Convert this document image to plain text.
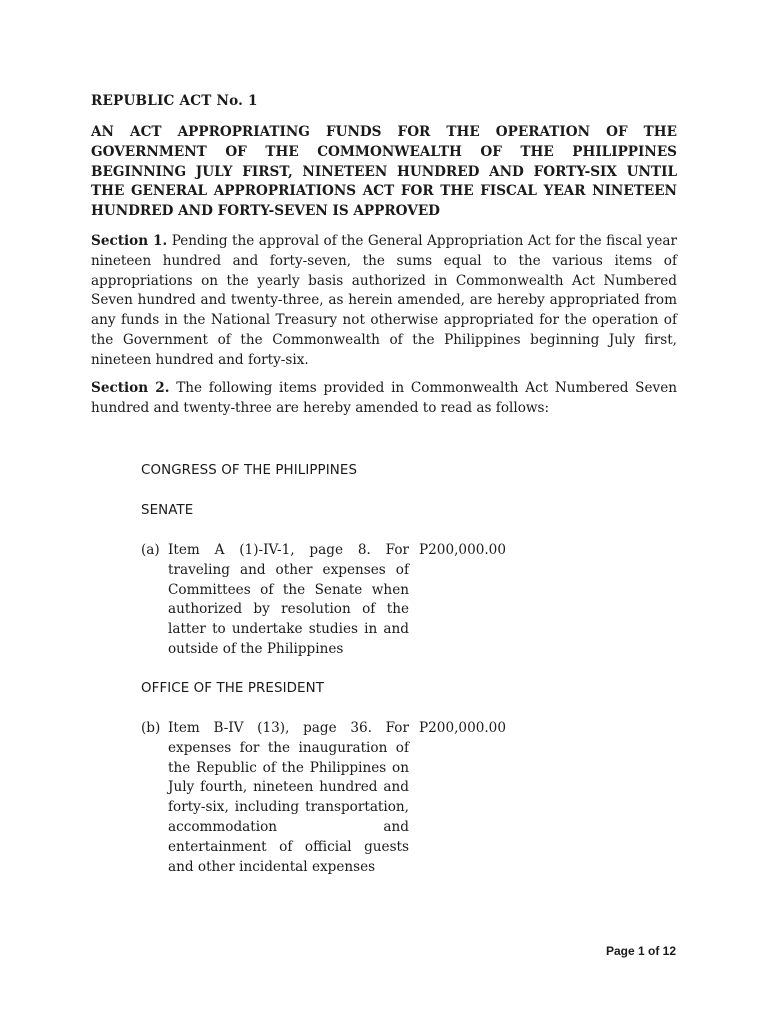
REPUBLIC ACT No. 1
AN ACT APPROPRIATING FUNDS FOR THE OPERATION OF THE GOVERNMENT OF THE COMMONWEALTH OF THE PHILIPPINES BEGINNING JULY FIRST, NINETEEN HUNDRED AND FORTY-SIX UNTIL THE GENERAL APPROPRIATIONS ACT FOR THE FISCAL YEAR NINETEEN HUNDRED AND FORTY-SEVEN IS APPROVED
Section 1. Pending the approval of the General Appropriation Act for the fiscal year nineteen hundred and forty-seven, the sums equal to the various items of appropriations on the yearly basis authorized in Commonwealth Act Numbered Seven hundred and twenty-three, as herein amended, are hereby appropriated from any funds in the National Treasury not otherwise appropriated for the operation of the Government of the Commonwealth of the Philippines beginning July first, nineteen hundred and forty-six.
Section 2. The following items provided in Commonwealth Act Numbered Seven hundred and twenty-three are hereby amended to read as follows:
CONGRESS OF THE PHILIPPINES
SENATE
(a) Item A (1)-IV-1, page 8. For traveling and other expenses of Committees of the Senate when authorized by resolution of the latter to undertake studies in and outside of the Philippines
P200,000.00
OFFICE OF THE PRESIDENT
(b) Item B-IV (13), page 36. For expenses for the inauguration of the Republic of the Philippines on July fourth, nineteen hundred and forty-six, including transportation, accommodation and entertainment of official guests and other incidental expenses
P200,000.00
Page 1 of 12
